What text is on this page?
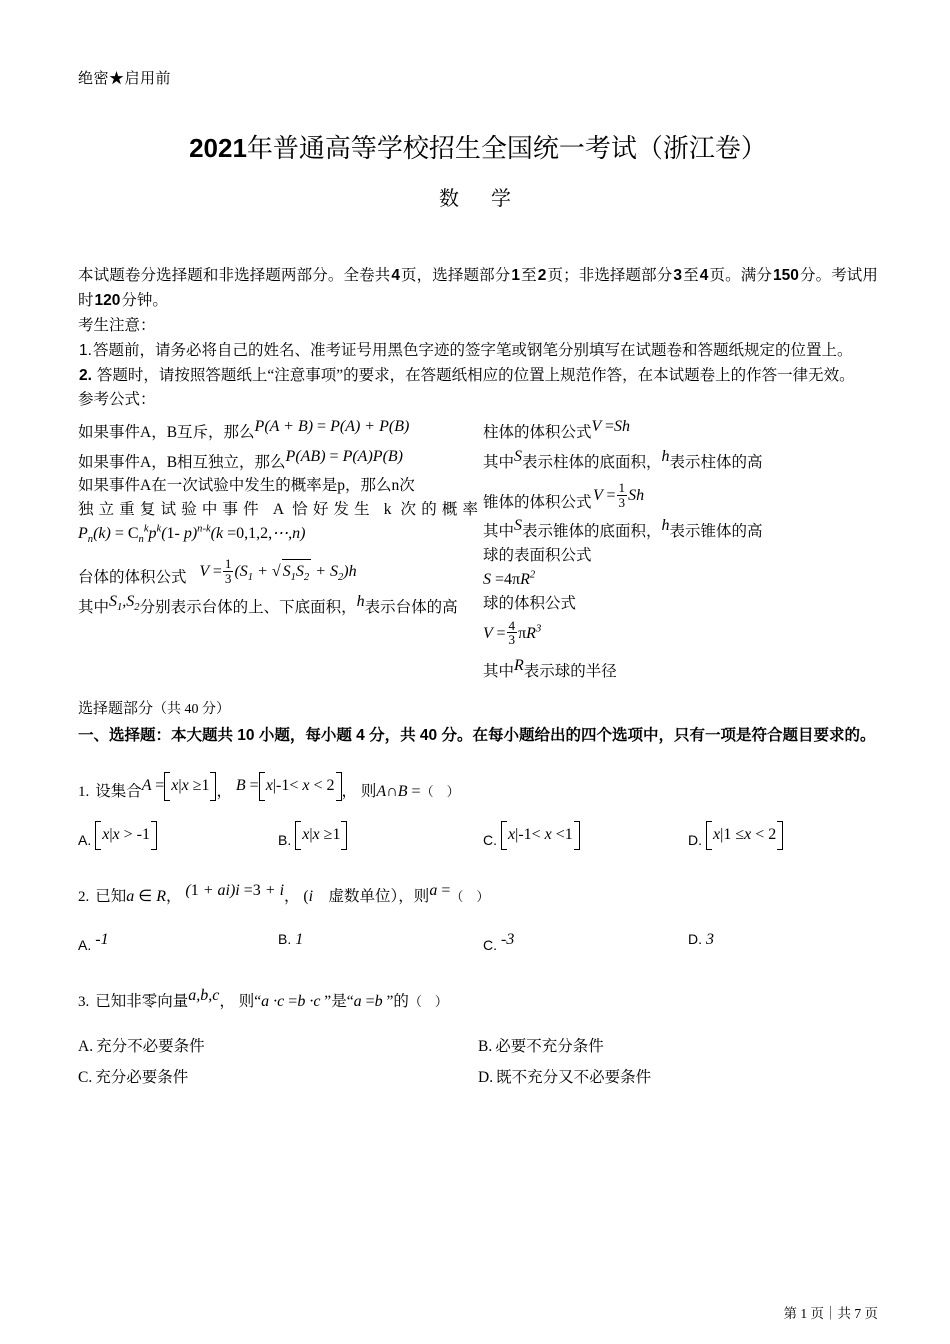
绝密★启用前
2021年普通高等学校招生全国统一考试（浙江卷）
数　学

本试题卷分选择题和非选择题两部分。全卷共4页，选择题部分1至2页；非选择题部分3至4页。满分150分。考试用时120分钟。

考生注意：

1.答题前，请务必将自己的姓名、准考证号用黑色字迹的签字笔或钢笔分别填写在试题卷和答题纸规定的位置上。

2. 答题时，请按照答题纸上“注意事项”的要求，在答题纸相应的位置上规范作答，在本试题卷上的作答一律无效。

参考公式：

如果事件A，B互斥，那么P(A + B) = P(A) + P(B)
如果事件A，B相互独立，那么P(AB) = P(A)P(B)
如果事件A在一次试验中发生的概率是p，那么n次
独立重复试验中事件 A 恰好发生 k 次的概率
$P_n(k) = C_n^kp^k(1-$ p)$^{n-k}$(k =0,1,2,⋯,n)
$V = \frac{1}{3} (S_1$ + √ $S_1S_2 + S_2)h$
台体的体积公式
其中$S_1,S_2$分别表示台体的上、下底面积，h表示台体的高
柱体的体积公式V =Sh
其中S表示柱体的底面积，h表示柱体的高
$V = \frac{1}{3}$ Sh
锥体的体积公式
其中S表示锥体的底面积，h表示锥体的高
球的表面积公式
$S =4\pi R^2$
球的体积公式
$V = \frac{4}{3} \pi R^3$
其中R表示球的半径
选择题部分（共 40 分）
一、选择题：本大题共 10 小题，每小题 4 分，共 40 分。在每小题给出的四个选项中，只有一项是符合题目要求的。
1. 设集合A = x|x ≥1 ， B = x|-1< x < 2 ， 则A∩B =（　）
A. x|x > -1	B. x|x ≥1	C. x|-1< x <1	D. x|1 ≤x < 2
2. 已知a ∈ R， (1 + ai)i =3 + i， (i　虚数单位），则a =（　）
A. -1	B. 1	C. -3	D. 3
3. 已知非零向量a,b,c， 则“a ·c =b ·c ”是“a =b ”的（　）
A. 充分不必要条件	B. 必要不充分条件
C. 充分必要条件	D. 既不充分又不必要条件
第 1 页｜共 7 页
